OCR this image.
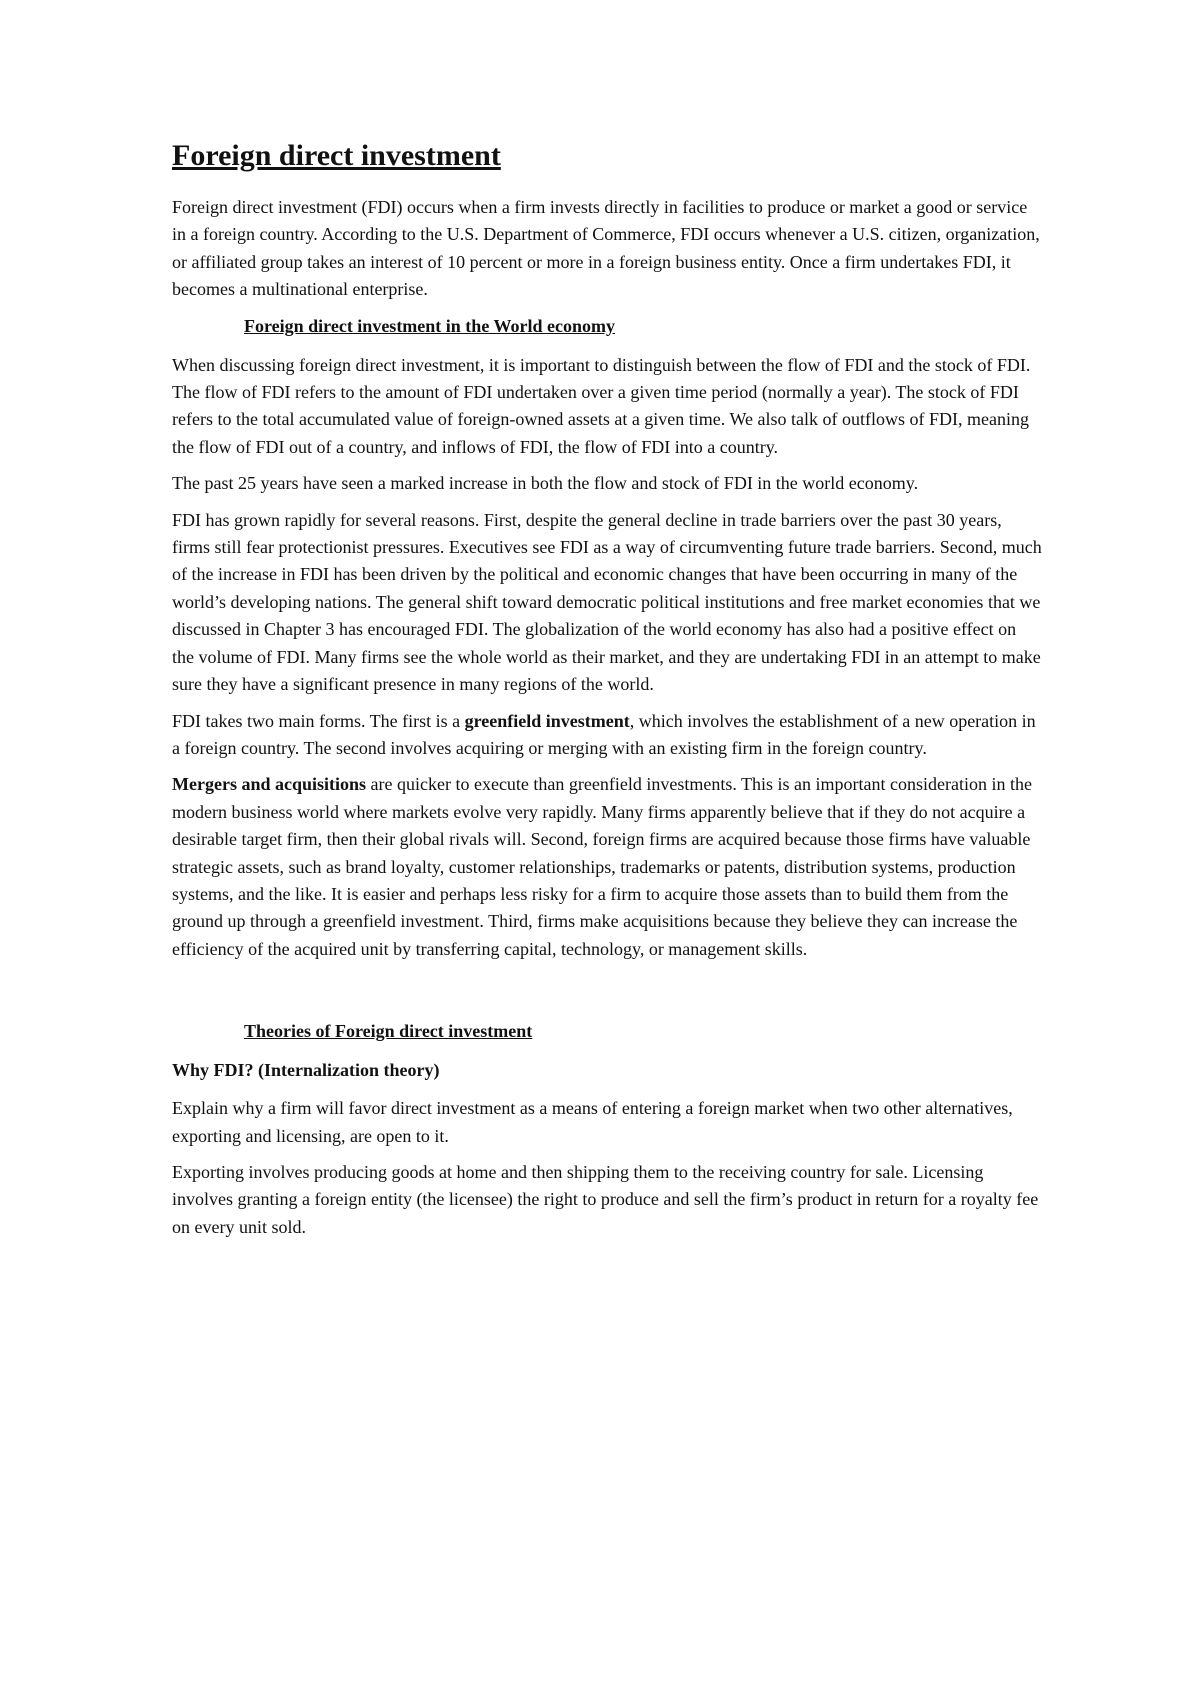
Foreign direct investment

Foreign direct investment (FDI) occurs when a firm invests directly in facilities to produce or market a good or service in a foreign country. According to the U.S. Department of Commerce, FDI occurs whenever a U.S. citizen, organization, or affiliated group takes an interest of 10 percent or more in a foreign business entity. Once a firm undertakes FDI, it becomes a multinational enterprise.

Foreign direct investment in the World economy

When discussing foreign direct investment, it is important to distinguish between the flow of FDI and the stock of FDI. The flow of FDI refers to the amount of FDI undertaken over a given time period (normally a year). The stock of FDI refers to the total accumulated value of foreign-owned assets at a given time. We also talk of outflows of FDI, meaning the flow of FDI out of a country, and inflows of FDI, the flow of FDI into a country.

The past 25 years have seen a marked increase in both the flow and stock of FDI in the world economy.

FDI has grown rapidly for several reasons. First, despite the general decline in trade barriers over the past 30 years, firms still fear protectionist pressures. Executives see FDI as a way of circumventing future trade barriers. Second, much of the increase in FDI has been driven by the political and economic changes that have been occurring in many of the world’s developing nations. The general shift toward democratic political institutions and free market economies that we discussed in Chapter 3 has encouraged FDI. The globalization of the world economy has also had a positive effect on the volume of FDI. Many firms see the whole world as their market, and they are undertaking FDI in an attempt to make sure they have a significant presence in many regions of the world.

FDI takes two main forms. The first is a greenfield investment, which involves the establishment of a new operation in a foreign country. The second involves acquiring or merging with an existing firm in the foreign country.

Mergers and acquisitions are quicker to execute than greenfield investments. This is an important consideration in the modern business world where markets evolve very rapidly. Many firms apparently believe that if they do not acquire a desirable target firm, then their global rivals will. Second, foreign firms are acquired because those firms have valuable strategic assets, such as brand loyalty, customer relationships, trademarks or patents, distribution systems, production systems, and the like. It is easier and perhaps less risky for a firm to acquire those assets than to build them from the ground up through a greenfield investment. Third, firms make acquisitions because they believe they can increase the efficiency of the acquired unit by transferring capital, technology, or management skills.

Theories of Foreign direct investment
Why FDI? (Internalization theory)

Explain why a firm will favor direct investment as a means of entering a foreign market when two other alternatives, exporting and licensing, are open to it.

Exporting involves producing goods at home and then shipping them to the receiving country for sale. Licensing involves granting a foreign entity (the licensee) the right to produce and sell the firm’s product in return for a royalty fee on every unit sold.
